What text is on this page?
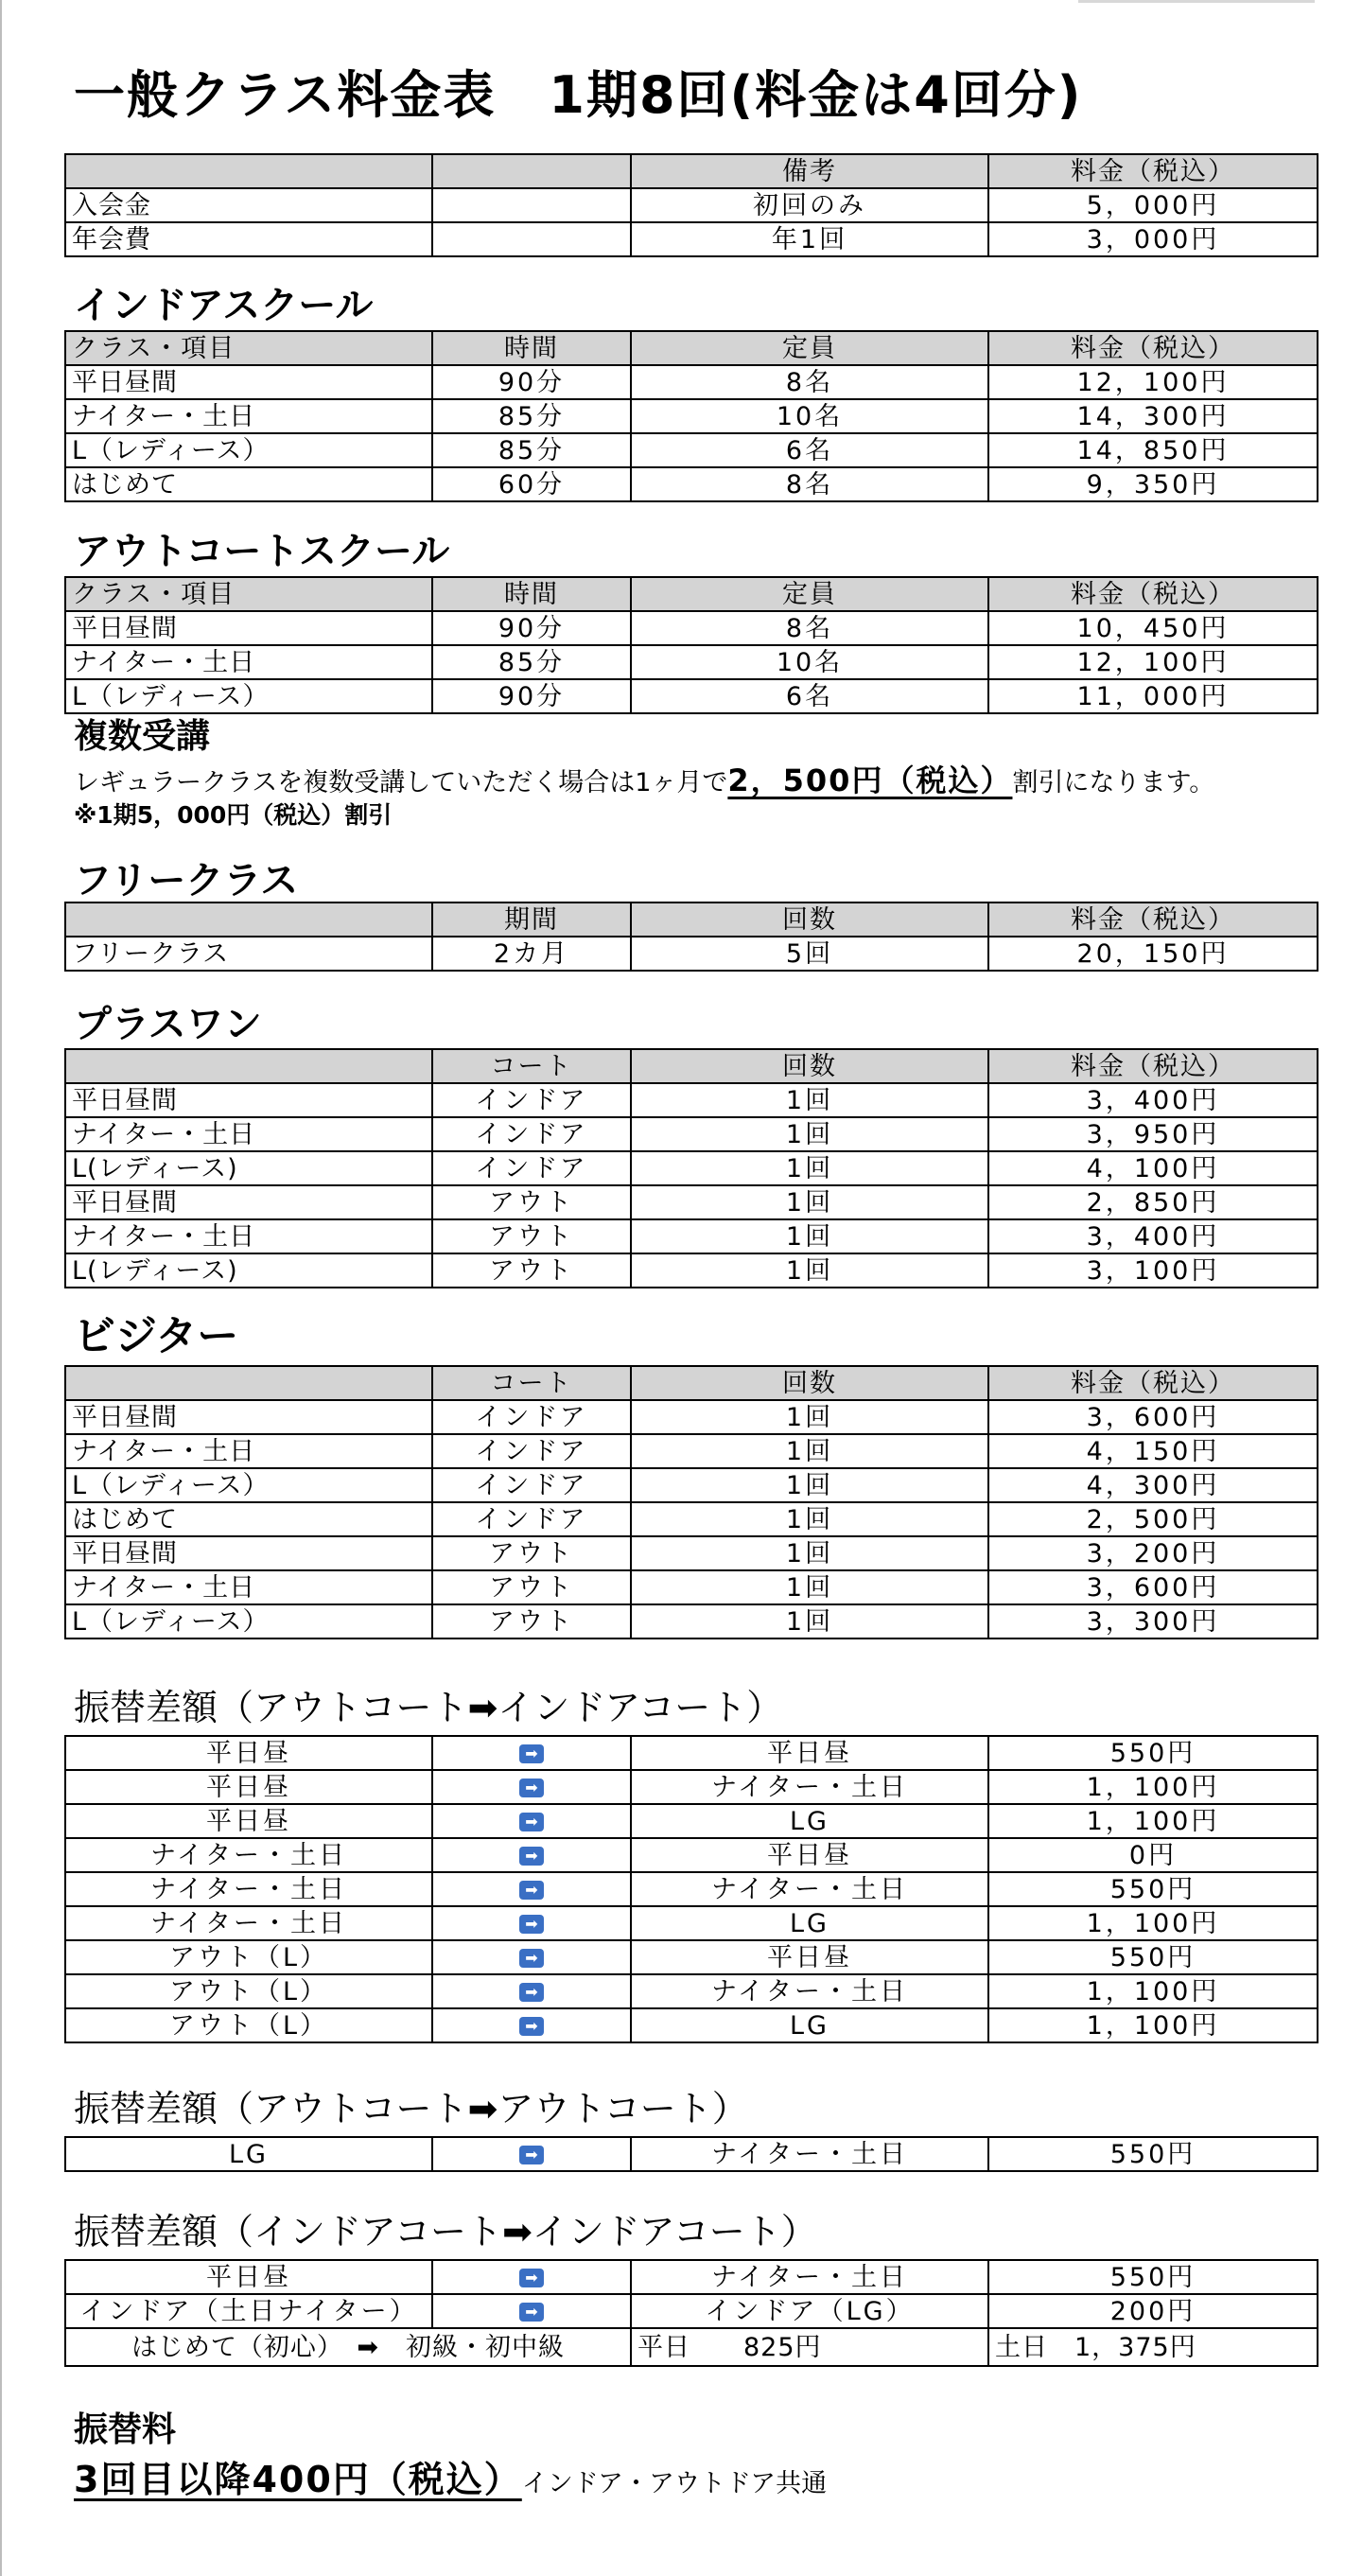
一般クラス料金表　1期8回(料金は4回分)
		備考	料金（税込）
入会金		初回のみ	5，000円
年会費		年1回	3，000円
インドアスクール
クラス・項目	時間	定員	料金（税込）
平日昼間	90分	8名	12，100円
ナイター・土日	85分	10名	14，300円
L（レディース）	85分	6名	14，850円
はじめて	60分	8名	9，350円
アウトコートスクール
クラス・項目	時間	定員	料金（税込）
平日昼間	90分	8名	10，450円
ナイター・土日	85分	10名	12，100円
L（レディース）	90分	6名	11，000円
複数受講
レギュラークラスを複数受講していただく場合は1ヶ月で2，500円（税込）割引になります。
※1期5，000円（税込）割引
フリークラス
	期間	回数	料金（税込）
フリークラス	2カ月	5回	20，150円
プラスワン
	コート	回数	料金（税込）
平日昼間	インドア	1回	3，400円
ナイター・土日	インドア	1回	3，950円
L(レディース)	インドア	1回	4，100円
平日昼間	アウト	1回	2，850円
ナイター・土日	アウト	1回	3，400円
L(レディース)	アウト	1回	3，100円
ビジター
	コート	回数	料金（税込）
平日昼間	インドア	1回	3，600円
ナイター・土日	インドア	1回	4，150円
L（レディース）	インドア	1回	4，300円
はじめて	インドア	1回	2，500円
平日昼間	アウト	1回	3，200円
ナイター・土日	アウト	1回	3，600円
L（レディース）	アウト	1回	3，300円
振替差額（アウトコート➡インドアコート）
平日昼	➡	平日昼	550円
平日昼	➡	ナイター・土日	1，100円
平日昼	➡	LG	1，100円
ナイター・土日	➡	平日昼	0円
ナイター・土日	➡	ナイター・土日	550円
ナイター・土日	➡	LG	1，100円
アウト（L）	➡	平日昼	550円
アウト（L）	➡	ナイター・土日	1，100円
アウト（L）	➡	LG	1，100円
振替差額（アウトコート➡アウトコート）
LG	➡	ナイター・土日	550円
振替差額（インドアコート➡インドアコート）
平日昼	➡	ナイター・土日	550円
インドア（土日ナイター）	➡	インドア（LG）	200円
はじめて（初心）　➡　初級・初中級		平日　　825円	土日　1，375円
振替料
3回目以降400円（税込）インドア・アウトドア共通
